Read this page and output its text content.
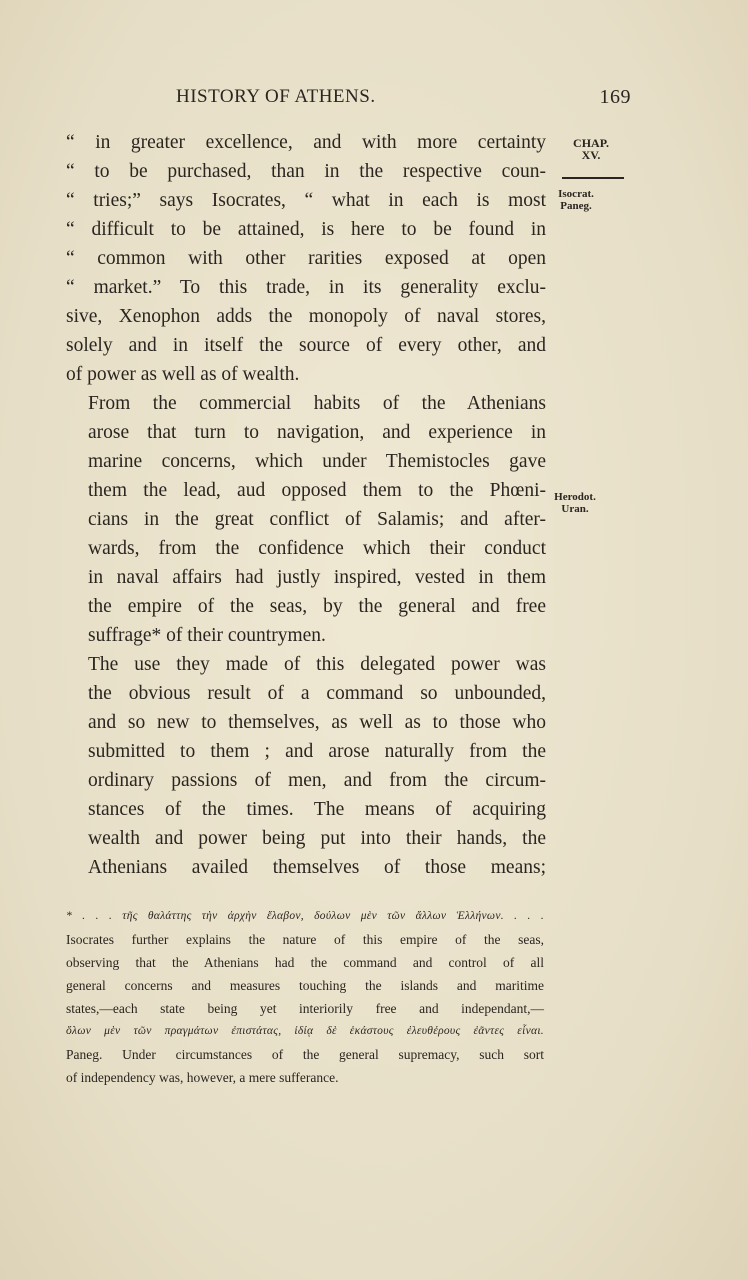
HISTORY OF ATHENS.	169
CHAP.
XV.
Isocrat.
Paneg.
Herodot.
Uran.

“ in greater excellence, and with more certainty
“ to be purchased, than in the respective coun-
“ tries;” says Isocrates, “ what in each is most
“ difficult to be attained, is here to be found in
“ common with other rarities exposed at open
“ market.” To this trade, in its generality exclu-
sive, Xenophon adds the monopoly of naval stores,
solely and in itself the source of every other, and
of power as well as of wealth.

From the commercial habits of the Athenians
arose that turn to navigation, and experience in
marine concerns, which under Themistocles gave
them the lead, aud opposed them to the Phœni-
cians in the great conflict of Salamis; and after-
wards, from the confidence which their conduct
in naval affairs had justly inspired, vested in them
the empire of the seas, by the general and free
suffrage* of their countrymen.

The use they made of this delegated power was
the obvious result of a command so unbounded,
and so new to themselves, as well as to those who
submitted to them ; and arose naturally from the
ordinary passions of men, and from the circum-
stances of the times. The means of acquiring
wealth and power being put into their hands, the
Athenians availed themselves of those means;

* . . . τῆς θαλάττης τὴν ἀρχὴν ἔλαβον, δούλων μὲν τῶν ἄλλων Ἑλλήνων. . . .
Isocrates further explains the nature of this empire of the seas,
observing that the Athenians had the command and control of all
general concerns and measures touching the islands and maritime
states,—each state being yet interiorily free and independant,—
ὅλων μὲν τῶν πραγμάτων ἐπιστάτας, ἰδίᾳ δὲ ἑκάστους ἐλευθέρους ἐᾶντες εἶναι.
Paneg. Under circumstances of the general supremacy, such sort
of independency was, however, a mere sufferance.
